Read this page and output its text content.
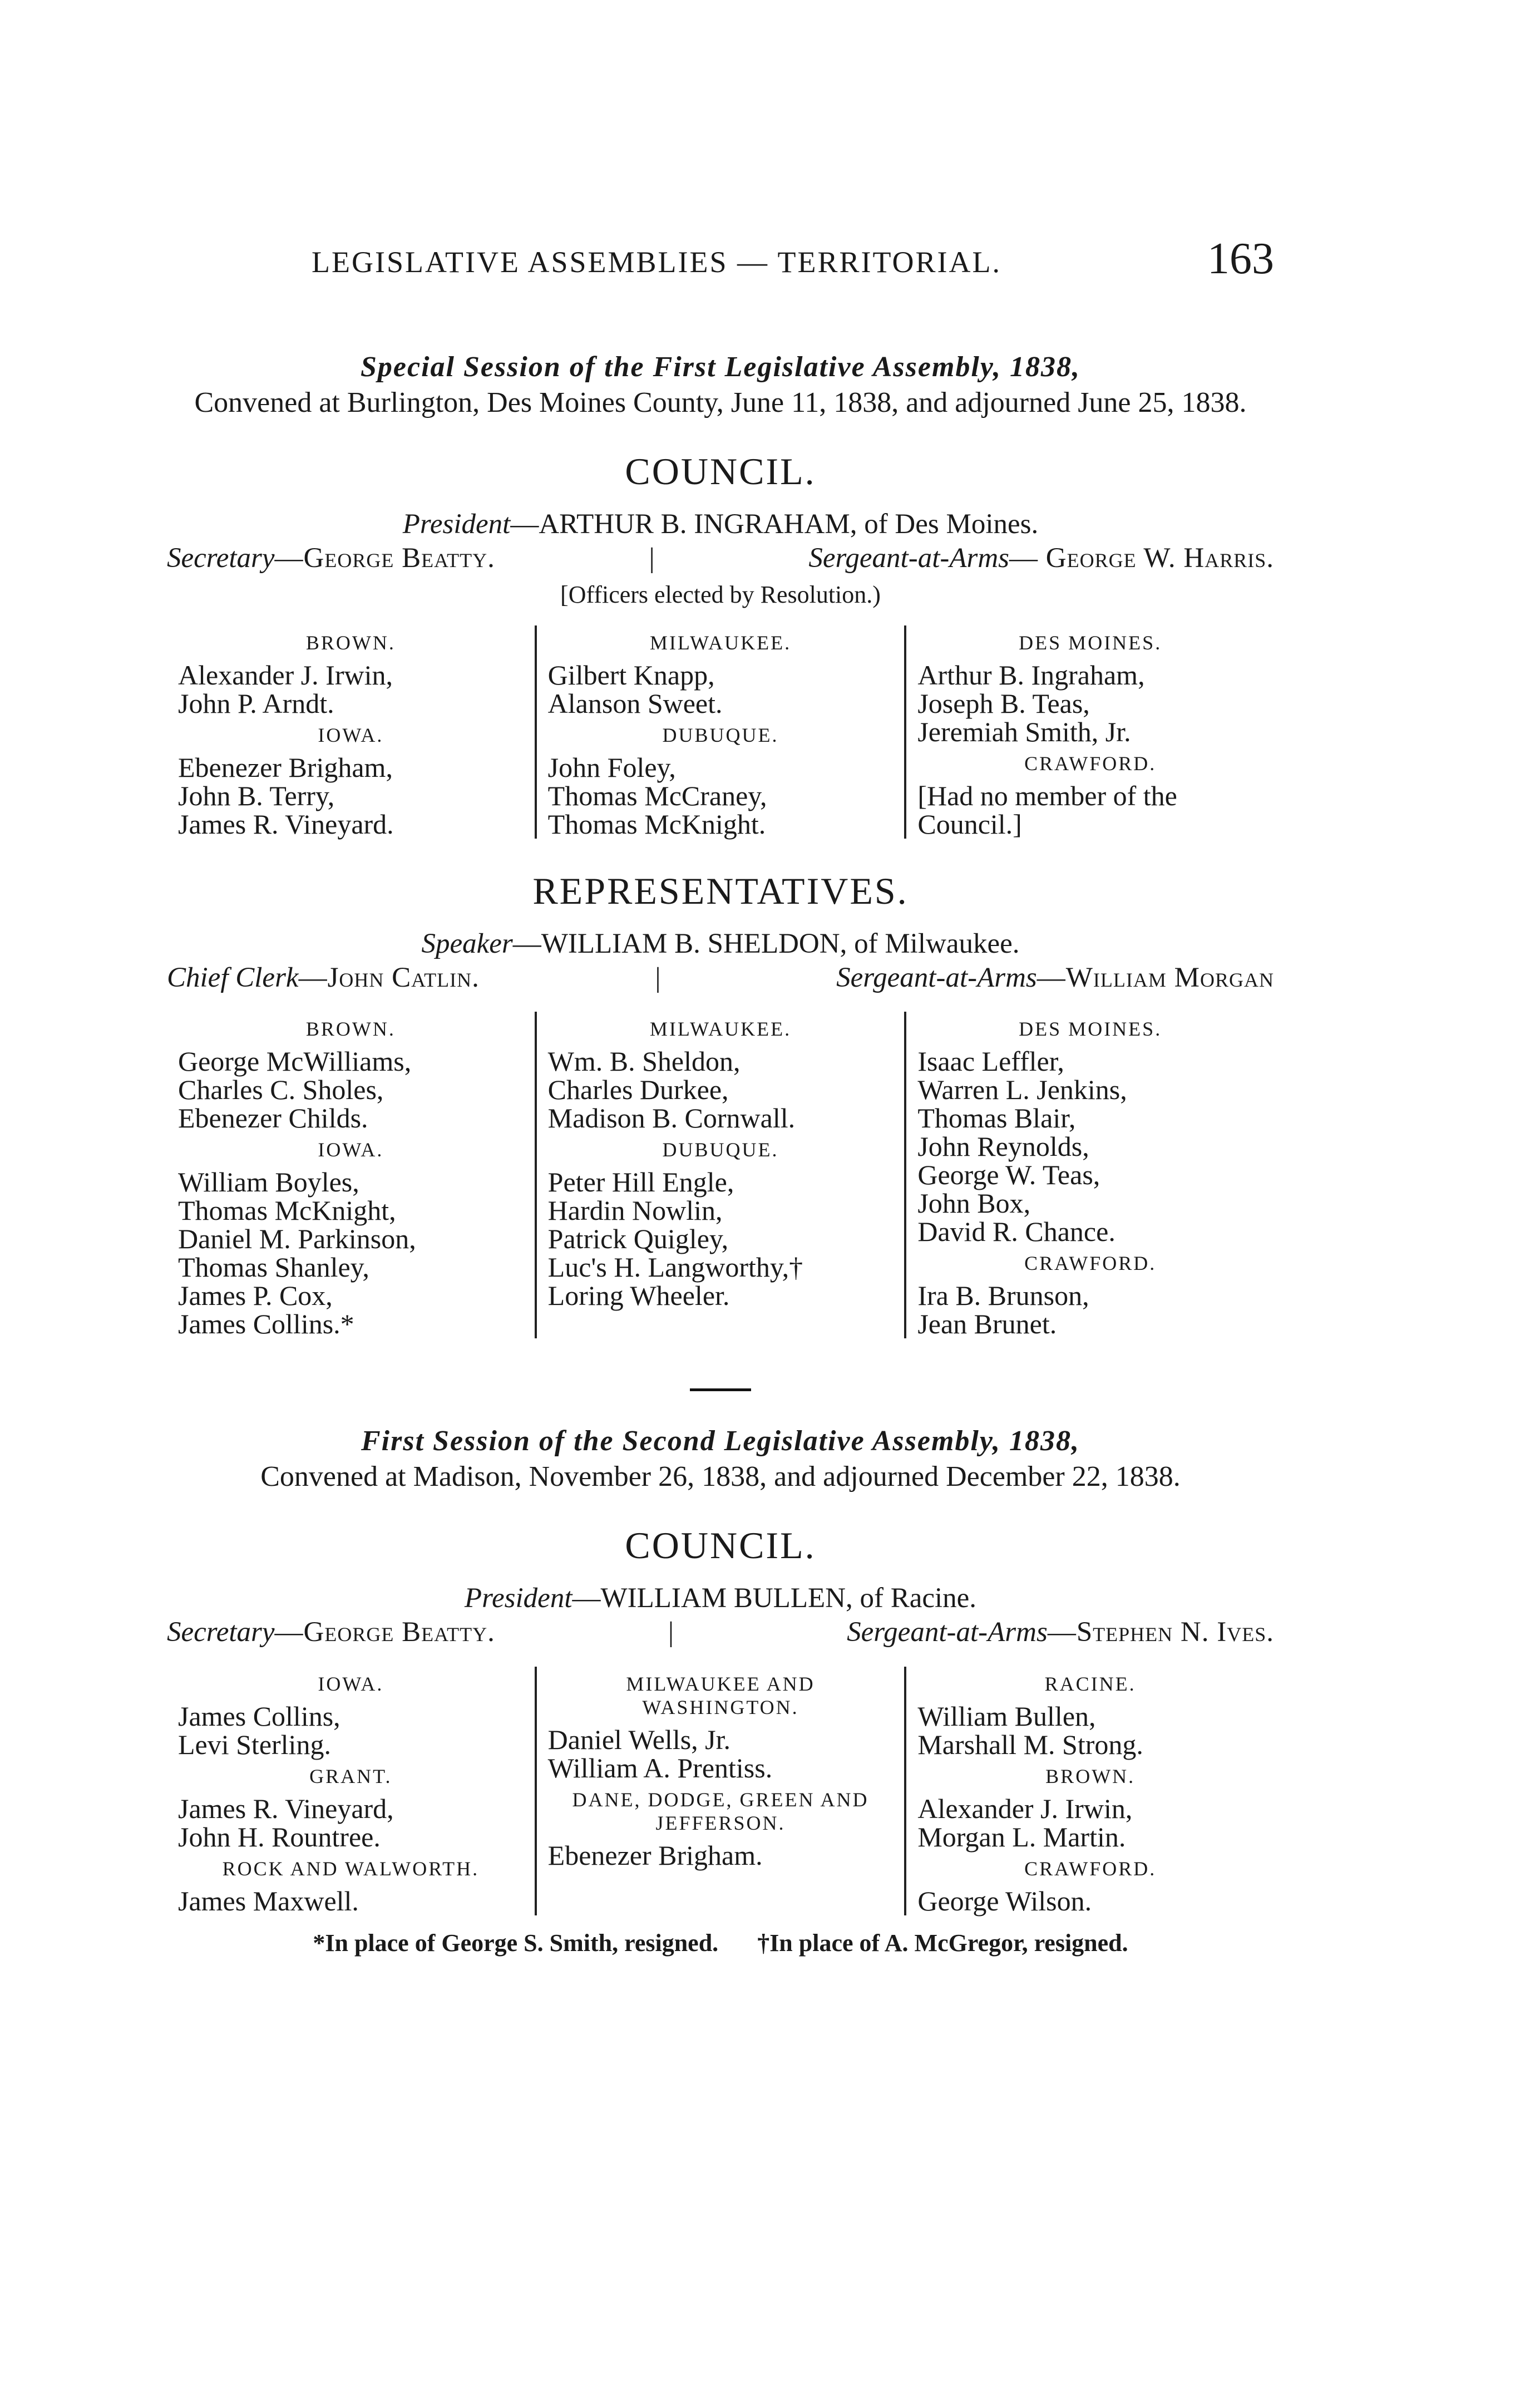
LEGISLATIVE ASSEMBLIES — TERRITORIAL.	163
Special Session of the First Legislative Assembly, 1838,
Convened at Burlington, Des Moines County, June 11, 1838, and adjourned June 25, 1838.
COUNCIL.
President—ARTHUR B. INGRAHAM, of Des Moines.
Secretary—George Beatty.	|	Sergeant-at-Arms— George W. Harris.
[Officers elected by Resolution.)
BROWN.
Alexander J. Irwin,
John P. Arndt.
IOWA.
Ebenezer Brigham,
John B. Terry,
James R. Vineyard.
MILWAUKEE.
Gilbert Knapp,
Alanson Sweet.
DUBUQUE.
John Foley,
Thomas McCraney,
Thomas McKnight.
DES MOINES.
Arthur B. Ingraham,
Joseph B. Teas,
Jeremiah Smith, Jr.
CRAWFORD.
[Had no member of the
Council.]
REPRESENTATIVES.
Speaker—WILLIAM B. SHELDON, of Milwaukee.
Chief Clerk—John Catlin.	|	Sergeant-at-Arms—William Morgan
BROWN.
George McWilliams,
Charles C. Sholes,
Ebenezer Childs.
IOWA.
William Boyles,
Thomas McKnight,
Daniel M. Parkinson,
Thomas Shanley,
James P. Cox,
James Collins.*
MILWAUKEE.
Wm. B. Sheldon,
Charles Durkee,
Madison B. Cornwall.
DUBUQUE.
Peter Hill Engle,
Hardin Nowlin,
Patrick Quigley,
Luc's H. Langworthy,†
Loring Wheeler.
DES MOINES.
Isaac Leffler,
Warren L. Jenkins,
Thomas Blair,
John Reynolds,
George W. Teas,
John Box,
David R. Chance.
CRAWFORD.
Ira B. Brunson,
Jean Brunet.
First Session of the Second Legislative Assembly, 1838,
Convened at Madison, November 26, 1838, and adjourned December 22, 1838.
COUNCIL.
President—WILLIAM BULLEN, of Racine.
Secretary—George Beatty.	|	Sergeant-at-Arms—Stephen N. Ives.
IOWA.
James Collins,
Levi Sterling.
GRANT.
James R. Vineyard,
John H. Rountree.
ROCK AND WALWORTH.
James Maxwell.
MILWAUKEE AND WASHINGTON.
Daniel Wells, Jr.
William A. Prentiss.
DANE, DODGE, GREEN AND JEFFERSON.
Ebenezer Brigham.
RACINE.
William Bullen,
Marshall M. Strong.
BROWN.
Alexander J. Irwin,
Morgan L. Martin.
CRAWFORD.
George Wilson.
*In place of George S. Smith, resigned. †In place of A. McGregor, resigned.
